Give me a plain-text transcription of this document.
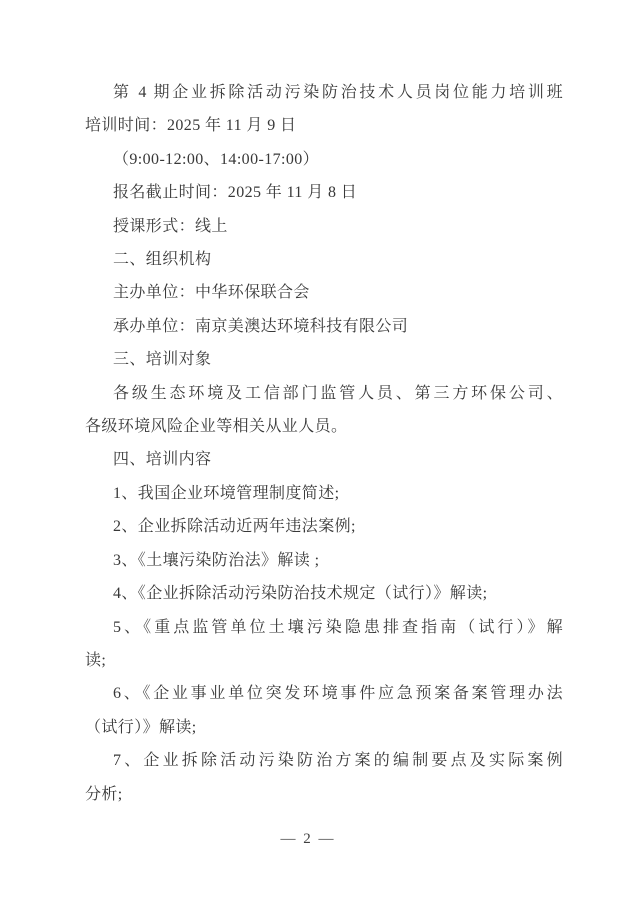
第 4 期企业拆除活动污染防治技术人员岗位能力培训班
培训时间：2025 年 11 月 9 日
（9:00-12:00、14:00-17:00）
报名截止时间：2025 年 11 月 8 日
授课形式：线上
二、组织机构
主办单位：中华环保联合会
承办单位：南京美澳达环境科技有限公司
三、培训对象
各级生态环境及工信部门监管人员、第三方环保公司、
各级环境风险企业等相关从业人员。
四、培训内容
1、我国企业环境管理制度简述;
2、企业拆除活动近两年违法案例;
3、《土壤污染防治法》解读 ;
4、《企业拆除活动污染防治技术规定（试行）》解读;
5、《重点监管单位土壤污染隐患排查指南（试行）》解
读;
6、《企业事业单位突发环境事件应急预案备案管理办法
（试行）》解读;
7、企业拆除活动污染防治方案的编制要点及实际案例
分析;
— 2 —
